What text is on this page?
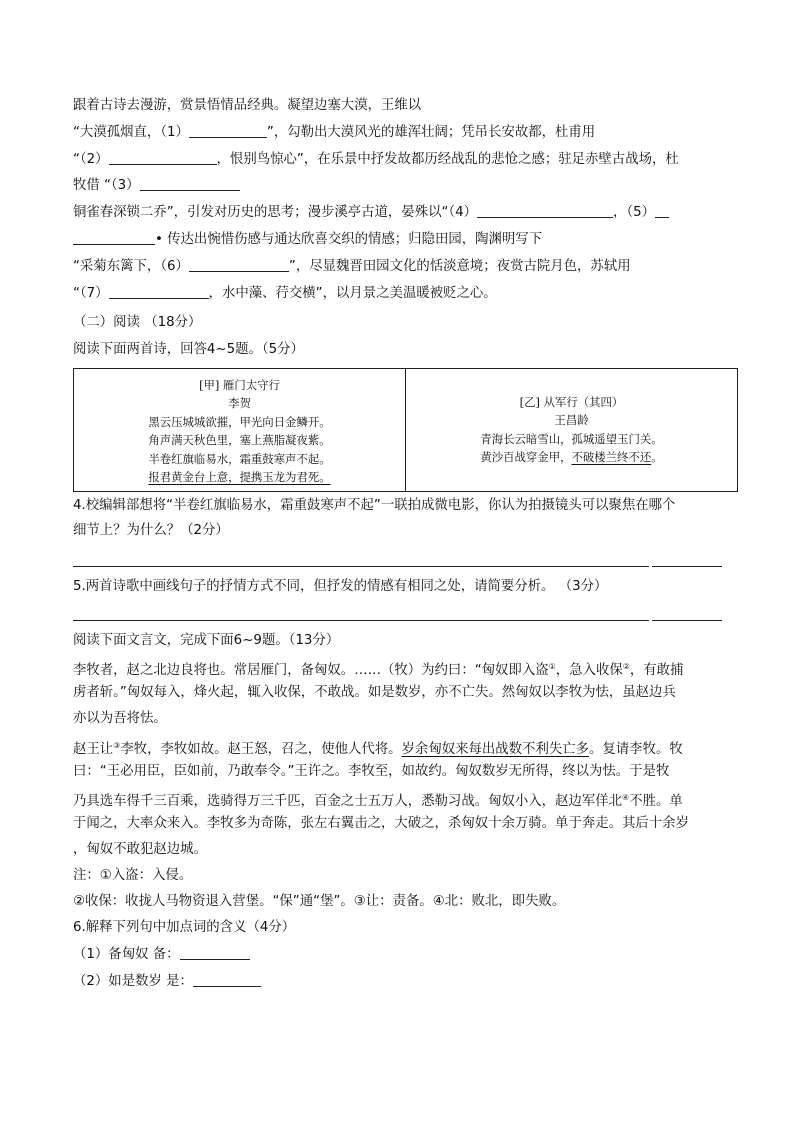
跟着古诗去漫游，赏景悟情品经典。凝望边塞大漠，王维以
“大漠孤烟直，（1）	”，勾勒出大漠风光的雄浑壮阔；凭吊长安故都，杜甫用
“（2）	，恨别鸟惊心”，在乐景中抒发故都历经战乱的悲怆之感；驻足赤壁古战场，杜
牧借 “（3）
铜雀春深锁二乔”，引发对历史的思考；漫步溪亭古道，晏殊以“（4）	，（5）
• 传达出惋惜伤感与通达欣喜交织的情感；归隐田园，陶渊明写下
“采菊东篱下，（6）	”，尽显魏晋田园文化的恬淡意境；夜赏古院月色，苏轼用
“（7）	，水中藻、荇交横”，以月景之美温暖被贬之心。
（二）阅读 （18分）
阅读下面两首诗，回答4~5题。（5分）
[甲] 雁门太守行
李贺
黑云压城城欲摧，甲光向日金鳞开。
角声满天秋色里，塞上燕脂凝夜紫。
半卷红旗临易水，霜重鼓寒声不起。
报君黄金台上意，提携玉龙为君死。
[乙] 从军行（其四）
王昌龄
青海长云暗雪山，孤城遥望玉门关。
黄沙百战穿金甲，不破楼兰终不还。
4.校编辑部想将“半卷红旗临易水，霜重鼓寒声不起”一联拍成微电影，你认为拍摄镜头可以聚焦在哪个
细节上？为什么？（2分）
5.两首诗歌中画线句子的抒情方式不同，但抒发的情感有相同之处，请简要分析。 （3分）
阅读下面文言文，完成下面6~9题。（13分）
李牧者，赵之北边良将也。常居雁门，备匈奴。……（牧）为约曰：“匈奴即入盗①，急入收保②，有敢捕
虏者斩。”匈奴每入，烽火起，辄入收保，不敢战。如是数岁，亦不亡失。然匈奴以李牧为怯，虽赵边兵
亦以为吾将怯。
赵王让③李牧，李牧如故。赵王怒，召之，使他人代将。岁余匈奴来每出战数不利失亡多。复请李牧。牧
曰：“王必用臣，臣如前，乃敢奉令。”王许之。李牧至，如故约。匈奴数岁无所得，终以为怯。于是牧
乃具选车得千三百乘，选骑得万三千匹，百金之士五万人，悉勒习战。匈奴小入，赵边军佯北④不胜。单
于闻之，大率众来入。李牧多为奇陈，张左右翼击之，大破之，杀匈奴十余万骑。单于奔走。其后十余岁
，匈奴不敢犯赵边城。
注：①入盗：入侵。
②收保：收拢人马物资退入营堡。“保”通“堡”。③让：责备。④北：败北，即失败。
6.解释下列句中加点词的含义（4分）
（1）备匈奴 备：
（2）如是数岁 是：
